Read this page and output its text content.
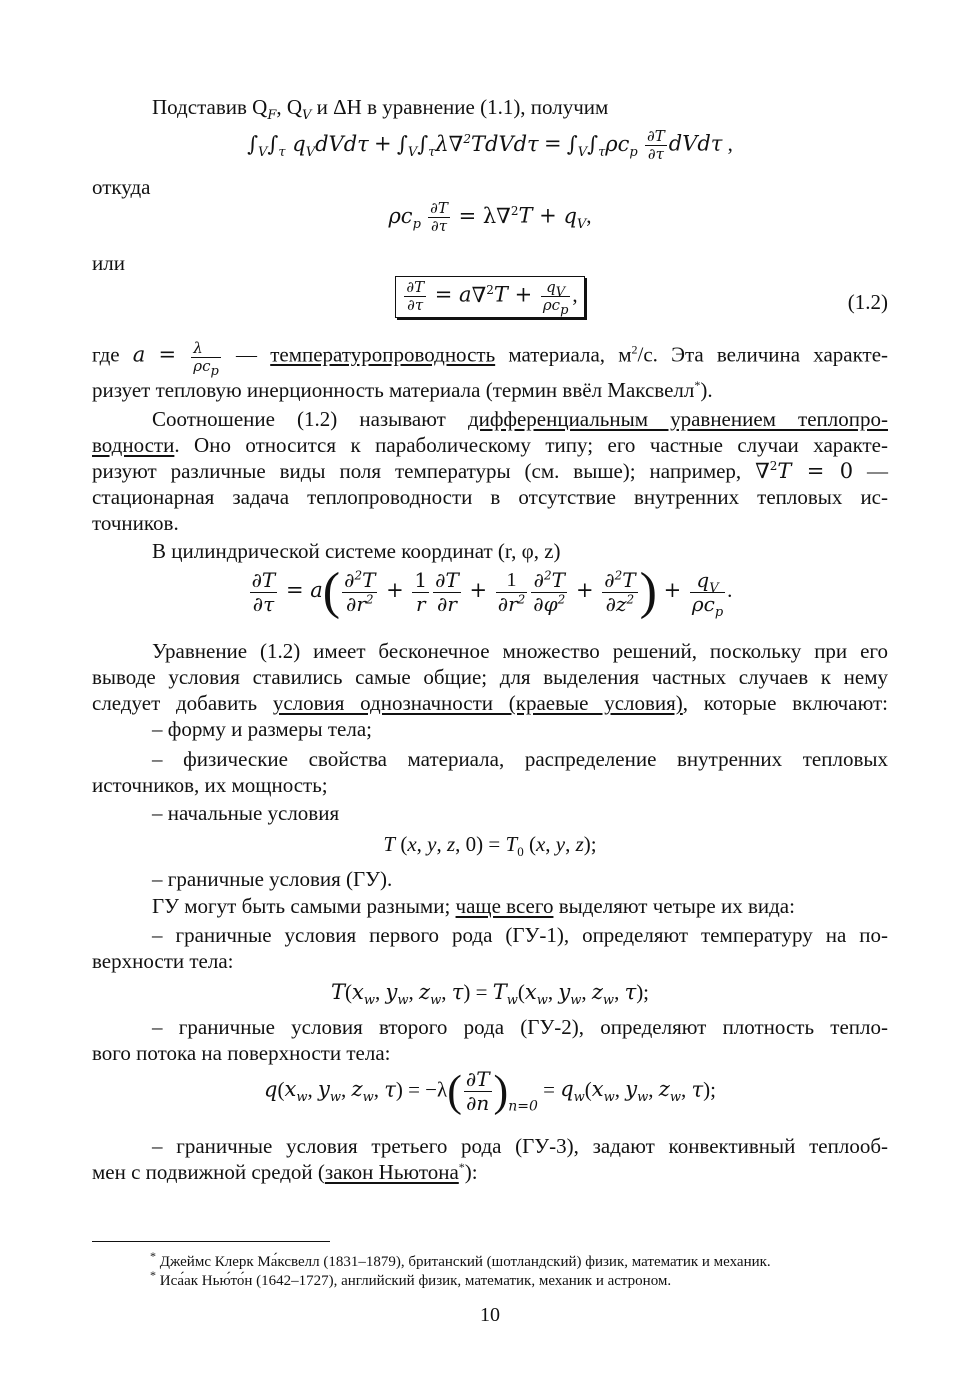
Подставив $Q_F$, $Q_V$ и ΔH в уравнение (1.1), получим
$\int_V\int_\tau$ $q_VdVd\tau$ + $\int_V\int_\tau\lambda\nabla^2TdVd\tau = \int_V\int_\tau\rho c_p \frac{\partial T}{\partial\tau}$ dVdτ ,
откуда
$\rho c_p \frac{\partial T}{\partial\tau} = \lambda\nabla^2T + q_V$,
или
$\frac{\partial T}{\partial\tau} = a\nabla^2T + \frac{q_V}{\rho c_p}$ ,	(1.2)
где $a = \frac{\lambda}{\rho c_p}$ — температуропроводность материала, $м^2/с$. Эта величина характе-
ризует тепловую инерционность материала (термин ввёл Максвелл*).
Соотношение (1.2) называют дифференциальным уравнением теплопро-
водности. Оно относится к параболическому типу; его частные случаи характе-
ризуют различные виды поля температуры (см. выше); например, ∇$^2$T = 0 —
стационарная задача теплопроводности в отсутствие внутренних тепловых ис-
точников.
В цилиндрической системе координат (r, φ, z)
$\frac{\partial T}{\partial\tau} = a( \frac{\partial^2T}{\partial r^2} + \frac{1}{r} \frac{\partial T}{\partial r} + \frac{1}{\partial r^2} \frac{\partial^2T}{\partial\varphi^2} + \frac{\partial^2T}{\partial z^2}$ ) + $\frac{q_V}{\rho c_p}$ .
Уравнение (1.2) имеет бесконечное множество решений, поскольку при его
выводе условия ставились самые общие; для выделения частных случаев к нему
следует добавить условия однозначности (краевые условия), которые включают:
– форму и размеры тела;
– физические свойства материала, распределение внутренних тепловых
источников, их мощность;
– начальные условия
T (x, y, z, $0) = T_0$ (x, y, z);
– граничные условия (ГУ).
ГУ могут быть самыми разными; чаще всего выделяют четыре их вида:
– граничные условия первого рода (ГУ-1), определяют температуру на по-
верхности тела:
$T(x_w$, $y_w$, $z_w$, $\tau) = T_w(x_w$, $y_w$, $z_w$, τ);
– граничные условия второго рода (ГУ-2), определяют плотность тепло-
вого потока на поверхности тела:
$q(x_w$, $y_w$, $z_w$, $\tau) = -\lambda( \frac{\partial T}{\partial n} )_{n=0} = q_w(x_w$, $y_w$, $z_w$, τ);
– граничные условия третьего рода (ГУ-3), задают конвективный теплооб-
мен с подвижной средой (закон Ньютона*):
* Джеймс Клерк Ма́ксвелл (1831–1879), британский (шотландский) физик, математик и механик.
* Иса́ак Нью́то́н (1642–1727), английский физик, математик, механик и астроном.
10
